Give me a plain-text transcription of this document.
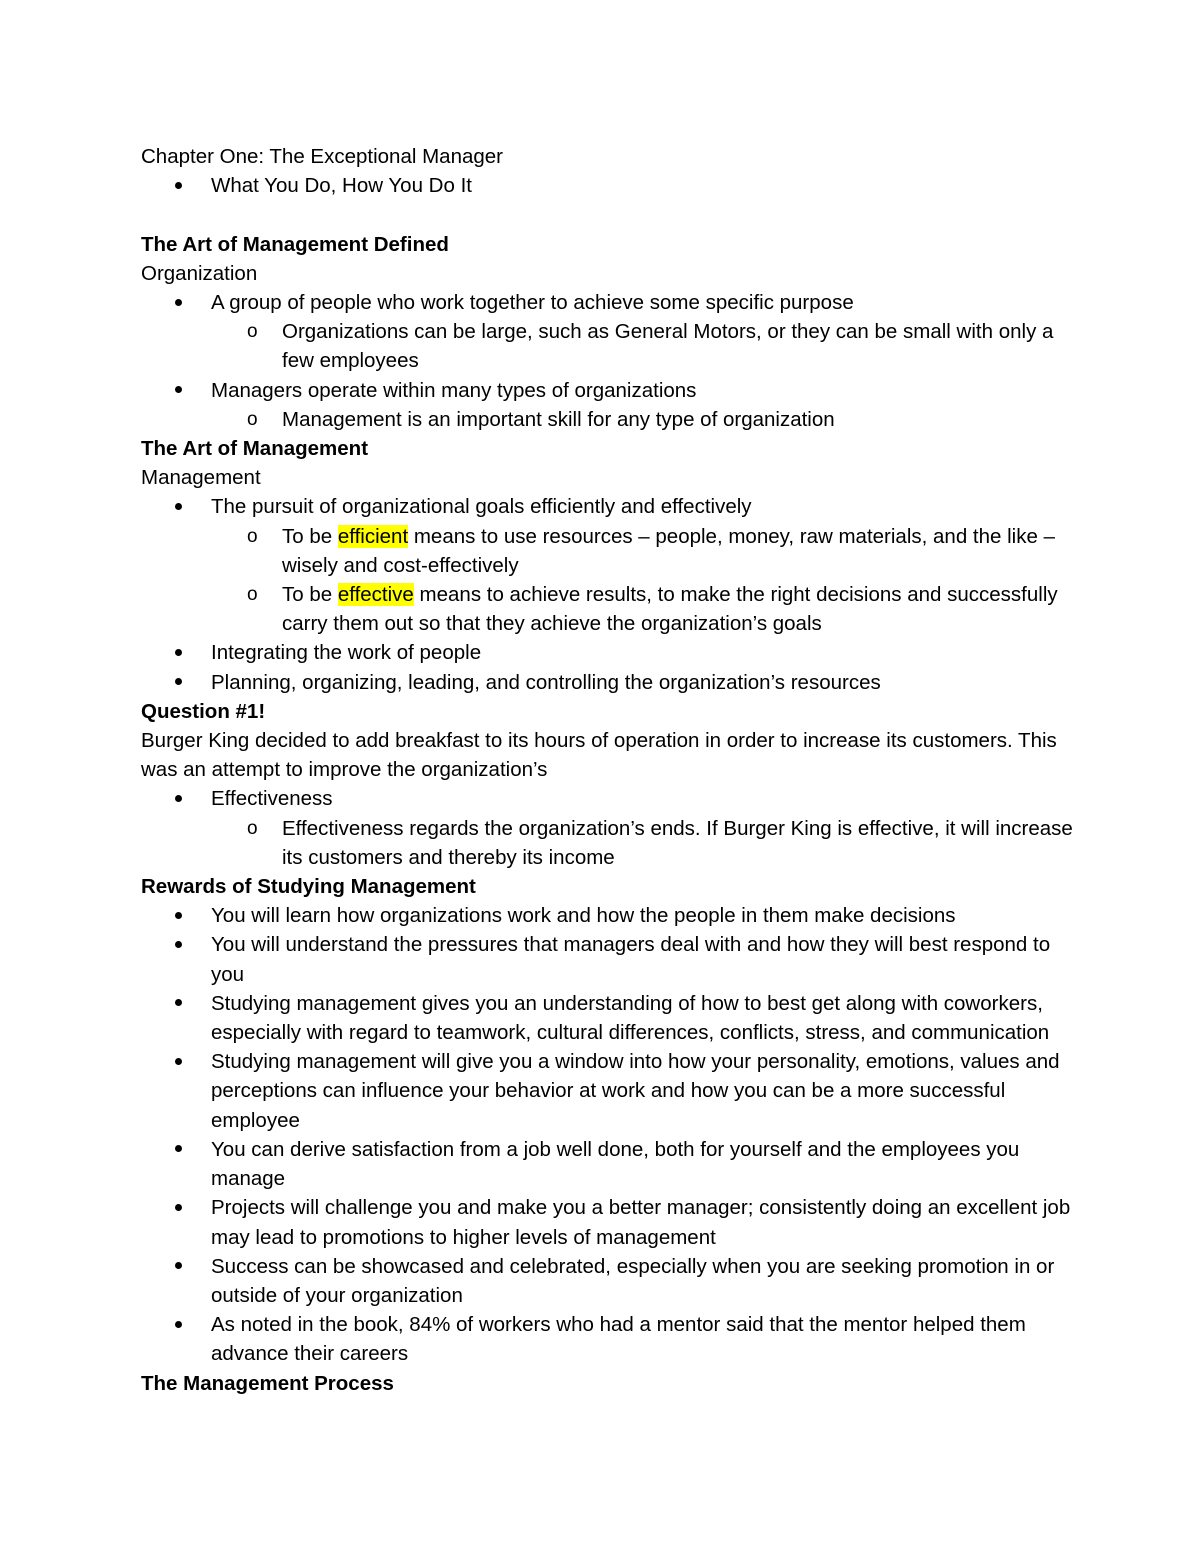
Chapter One: The Exceptional Manager

What You Do, How You Do It

The Art of Management Defined

Organization

A group of people who work together to achieve some specific purpose
o Organizations can be large, such as General Motors, or they can be small with only a few employees
Managers operate within many types of organizations
o Management is an important skill for any type of organization

The Art of Management

Management

The pursuit of organizational goals efficiently and effectively
o To be efficient means to use resources – people, money, raw materials, and the like – wisely and cost-effectively
o To be effective means to achieve results, to make the right decisions and successfully carry them out so that they achieve the organization’s goals
Integrating the work of people
Planning, organizing, leading, and controlling the organization’s resources

Question #1!

Burger King decided to add breakfast to its hours of operation in order to increase its customers. This was an attempt to improve the organization’s

Effectiveness
o Effectiveness regards the organization’s ends. If Burger King is effective, it will increase its customers and thereby its income

Rewards of Studying Management

You will learn how organizations work and how the people in them make decisions
You will understand the pressures that managers deal with and how they will best respond to you
Studying management gives you an understanding of how to best get along with coworkers, especially with regard to teamwork, cultural differences, conflicts, stress, and communication
Studying management will give you a window into how your personality, emotions, values and perceptions can influence your behavior at work and how you can be a more successful employee
You can derive satisfaction from a job well done, both for yourself and the employees you manage
Projects will challenge you and make you a better manager; consistently doing an excellent job may lead to promotions to higher levels of management
Success can be showcased and celebrated, especially when you are seeking promotion in or outside of your organization
As noted in the book, 84% of workers who had a mentor said that the mentor helped them advance their careers

The Management Process
